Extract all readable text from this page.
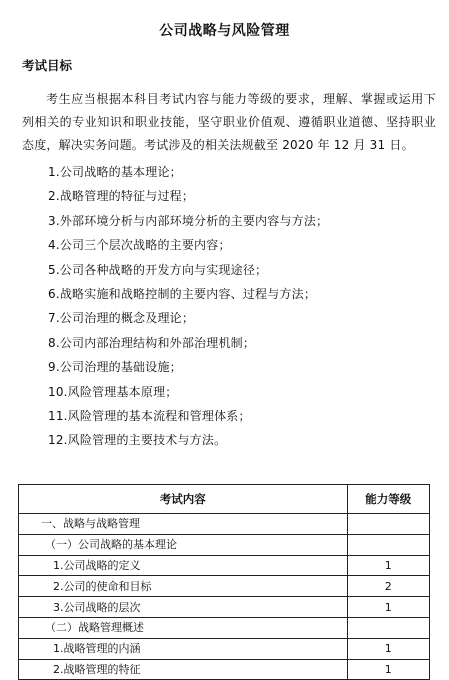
公司战略与风险管理
考试目标
考生应当根据本科目考试内容与能力等级的要求，理解、掌握或运用下列相关的专业知识和职业技能，坚守职业价值观、遵循职业道德、坚持职业态度，解决实务问题。考试涉及的相关法规截至 2020 年 12 月 31 日。
1.公司战略的基本理论；
2.战略管理的特征与过程；
3.外部环境分析与内部环境分析的主要内容与方法；
4.公司三个层次战略的主要内容；
5.公司各种战略的开发方向与实现途径；
6.战略实施和战略控制的主要内容、过程与方法；
7.公司治理的概念及理论；
8.公司内部治理结构和外部治理机制；
9.公司治理的基础设施；
10.风险管理基本原理；
11.风险管理的基本流程和管理体系；
12.风险管理的主要技术与方法。
考试内容	能力等级
一、战略与战略管理	
（一）公司战略的基本理论	
1.公司战略的定义	1
2.公司的使命和目标	2
3.公司战略的层次	1
（二）战略管理概述	
1.战略管理的内涵	1
2.战略管理的特征	1
